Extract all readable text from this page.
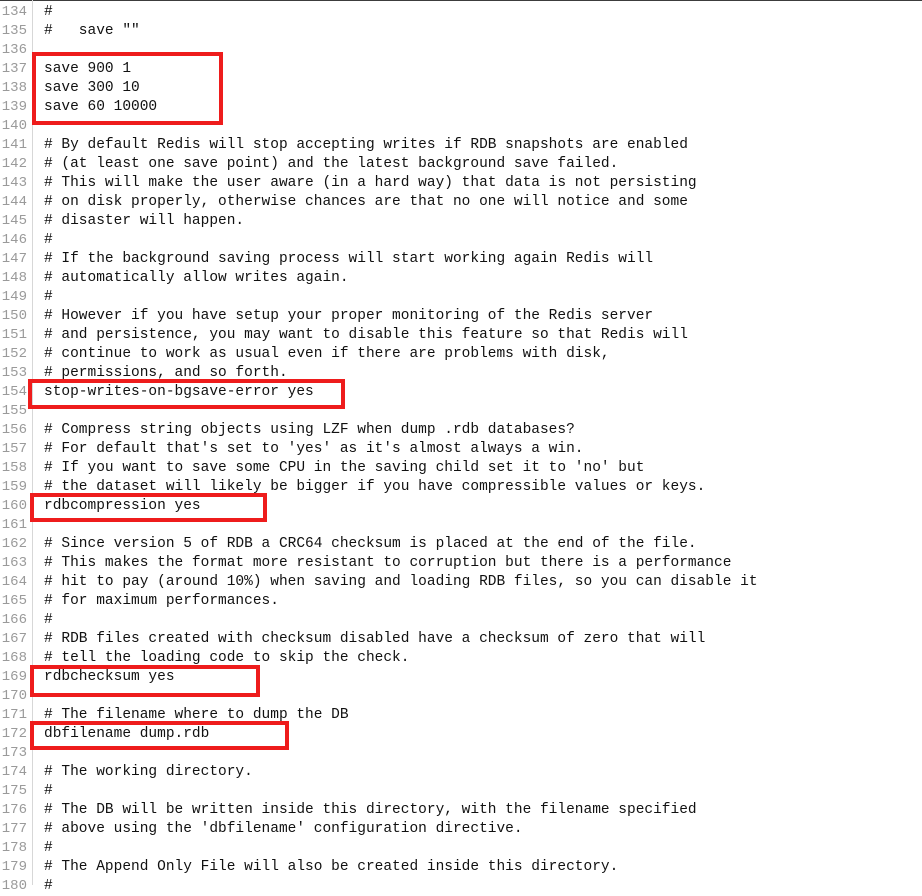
134 #
135 #   save ""
136
137 save 900 1
138 save 300 10
139 save 60 10000
140
141 # By default Redis will stop accepting writes if RDB snapshots are enabled
142 # (at least one save point) and the latest background save failed.
143 # This will make the user aware (in a hard way) that data is not persisting
144 # on disk properly, otherwise chances are that no one will notice and some
145 # disaster will happen.
146 #
147 # If the background saving process will start working again Redis will
148 # automatically allow writes again.
149 #
150 # However if you have setup your proper monitoring of the Redis server
151 # and persistence, you may want to disable this feature so that Redis will
152 # continue to work as usual even if there are problems with disk,
153 # permissions, and so forth.
154 stop-writes-on-bgsave-error yes
155
156 # Compress string objects using LZF when dump .rdb databases?
157 # For default that's set to 'yes' as it's almost always a win.
158 # If you want to save some CPU in the saving child set it to 'no' but
159 # the dataset will likely be bigger if you have compressible values or keys.
160 rdbcompression yes
161
162 # Since version 5 of RDB a CRC64 checksum is placed at the end of the file.
163 # This makes the format more resistant to corruption but there is a performance
164 # hit to pay (around 10%) when saving and loading RDB files, so you can disable it
165 # for maximum performances.
166 #
167 # RDB files created with checksum disabled have a checksum of zero that will
168 # tell the loading code to skip the check.
169 rdbchecksum yes
170
171 # The filename where to dump the DB
172 dbfilename dump.rdb
173
174 # The working directory.
175 #
176 # The DB will be written inside this directory, with the filename specified
177 # above using the 'dbfilename' configuration directive.
178 #
179 # The Append Only File will also be created inside this directory.
180 #
